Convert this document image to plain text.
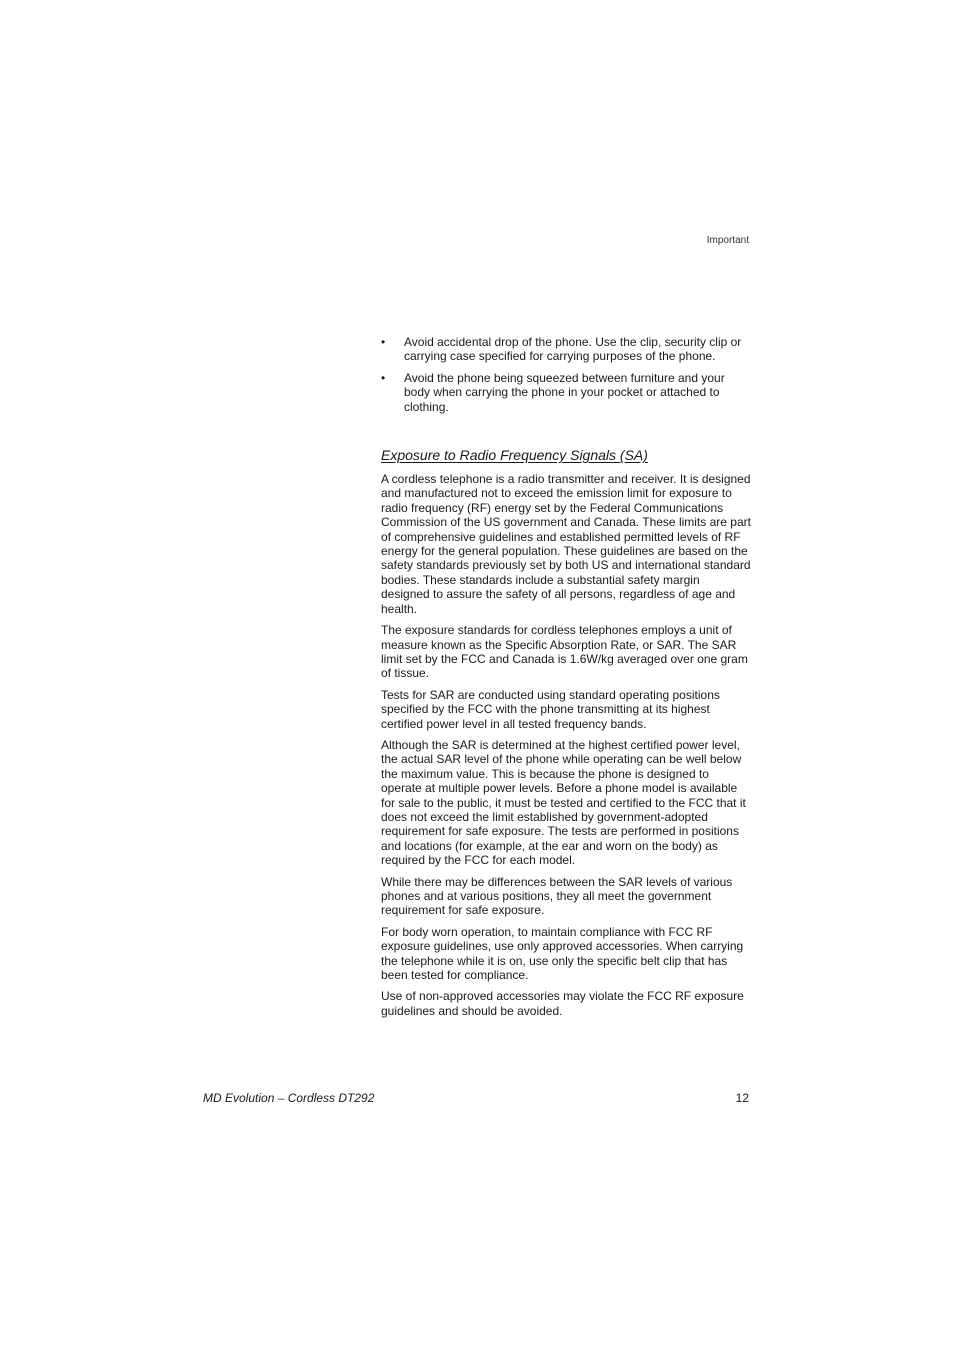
Important
• Avoid accidental drop of the phone. Use the clip, security clip or carrying case specified for carrying purposes of the phone.
• Avoid the phone being squeezed between furniture and your body when carrying the phone in your pocket or attached to clothing.
Exposure to Radio Frequency Signals (SA)

A cordless telephone is a radio transmitter and receiver. It is designed and manufactured not to exceed the emission limit for exposure to radio frequency (RF) energy set by the Federal Communications Commission of the US government and Canada. These limits are part of comprehensive guidelines and established permitted levels of RF energy for the general population. These guidelines are based on the safety standards previously set by both US and international standard bodies. These standards include a substantial safety margin designed to assure the safety of all persons, regardless of age and health.

The exposure standards for cordless telephones employs a unit of measure known as the Specific Absorption Rate, or SAR. The SAR limit set by the FCC and Canada is 1.6W/kg averaged over one gram of tissue.

Tests for SAR are conducted using standard operating positions specified by the FCC with the phone transmitting at its highest certified power level in all tested frequency bands.

Although the SAR is determined at the highest certified power level, the actual SAR level of the phone while operating can be well below the maximum value. This is because the phone is designed to operate at multiple power levels. Before a phone model is available for sale to the public, it must be tested and certified to the FCC that it does not exceed the limit established by government-adopted requirement for safe exposure. The tests are performed in positions and locations (for example, at the ear and worn on the body) as required by the FCC for each model.

While there may be differences between the SAR levels of various phones and at various positions, they all meet the government requirement for safe exposure.

For body worn operation, to maintain compliance with FCC RF exposure guidelines, use only approved accessories. When carrying the telephone while it is on, use only the specific belt clip that has been tested for compliance.

Use of non-approved accessories may violate the FCC RF exposure guidelines and should be avoided.

MD Evolution – Cordless DT292	12
